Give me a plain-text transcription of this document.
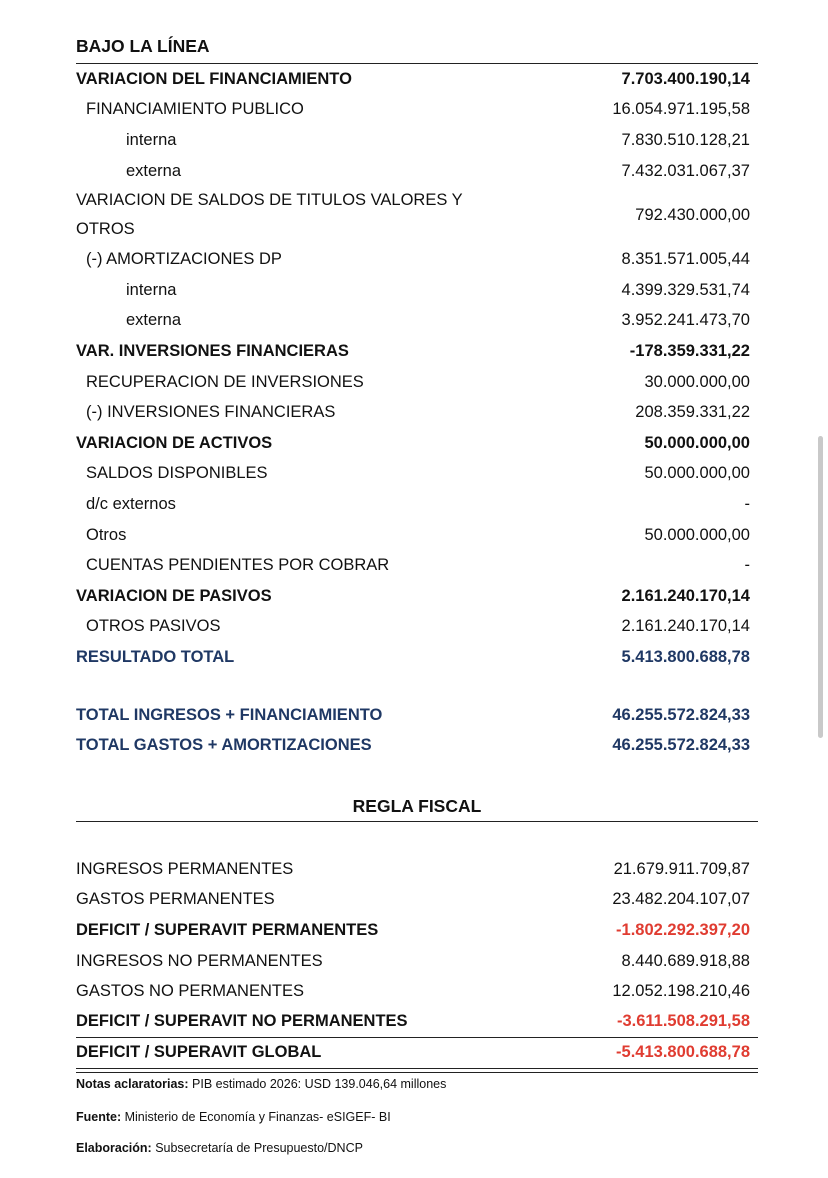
BAJO LA LÍNEA
VARIACION DEL FINANCIAMIENTO	7.703.400.190,14
FINANCIAMIENTO PUBLICO	16.054.971.195,58
interna	7.830.510.128,21
externa	7.432.031.067,37
VARIACION DE SALDOS DE TITULOS VALORES Y OTROS
792.430.000,00
(-) AMORTIZACIONES DP	8.351.571.005,44
interna	4.399.329.531,74
externa	3.952.241.473,70
VAR. INVERSIONES FINANCIERAS	-178.359.331,22
RECUPERACION DE INVERSIONES	30.000.000,00
(-) INVERSIONES FINANCIERAS	208.359.331,22
VARIACION DE ACTIVOS	50.000.000,00
SALDOS DISPONIBLES	50.000.000,00
d/c externos	-
Otros	50.000.000,00
CUENTAS PENDIENTES POR COBRAR	-
VARIACION DE PASIVOS	2.161.240.170,14
OTROS PASIVOS	2.161.240.170,14
RESULTADO TOTAL	5.413.800.688,78
TOTAL INGRESOS + FINANCIAMIENTO	46.255.572.824,33
TOTAL GASTOS + AMORTIZACIONES	46.255.572.824,33
REGLA FISCAL
INGRESOS PERMANENTES	21.679.911.709,87
GASTOS PERMANENTES	23.482.204.107,07
DEFICIT / SUPERAVIT PERMANENTES	-1.802.292.397,20
INGRESOS NO PERMANENTES	8.440.689.918,88
GASTOS NO PERMANENTES	12.052.198.210,46
DEFICIT / SUPERAVIT NO PERMANENTES	-3.611.508.291,58
DEFICIT / SUPERAVIT GLOBAL	-5.413.800.688,78
Notas aclaratorias: PIB estimado 2026: USD 139.046,64 millones
Fuente: Ministerio de Economía y Finanzas- eSIGEF- BI
Elaboración: Subsecretaría de Presupuesto/DNCP
